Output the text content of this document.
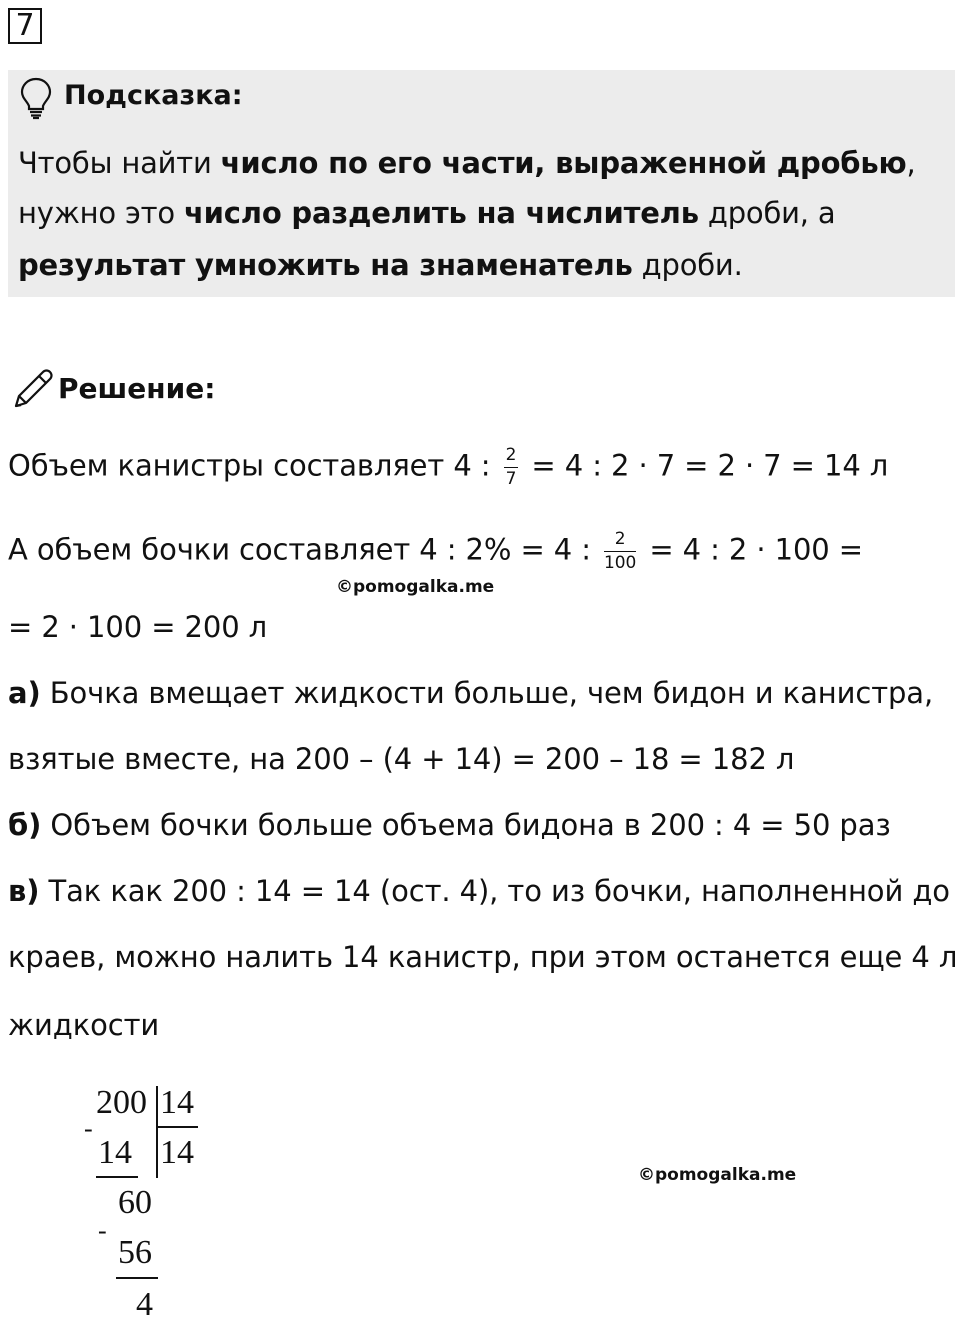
7
Подсказка:
Чтобы найти число по его части, выраженной дробью,
нужно это число разделить на числитель дроби, а
результат умножить на знаменатель дроби.
Решение:
Объем канистры составляет 4 : $\frac{2}{7} = 4$ : 2 · 7 = 2 · 7 = 14 л
А объем бочки составляет 4 : 2% = 4 : $\frac{2}{100} = 4$ : 2 · 100 =
©pomogalka.me
= 2 · 100 = 200 л
а) Бочка вмещает жидкости больше, чем бидон и канистра,
взятые вместе, на 200 – (4 + 14) = 200 – 18 = 182 л
б) Объем бочки больше объема бидона в 200 : 4 = 50 раз
в) Так как 200 : 14 = 14 (ост. 4), то из бочки, наполненной до
краев, можно налить 14 канистр, при этом останется еще 4 л
жидкости
200 14
14
-
14
60
-
56
4
©pomogalka.me
